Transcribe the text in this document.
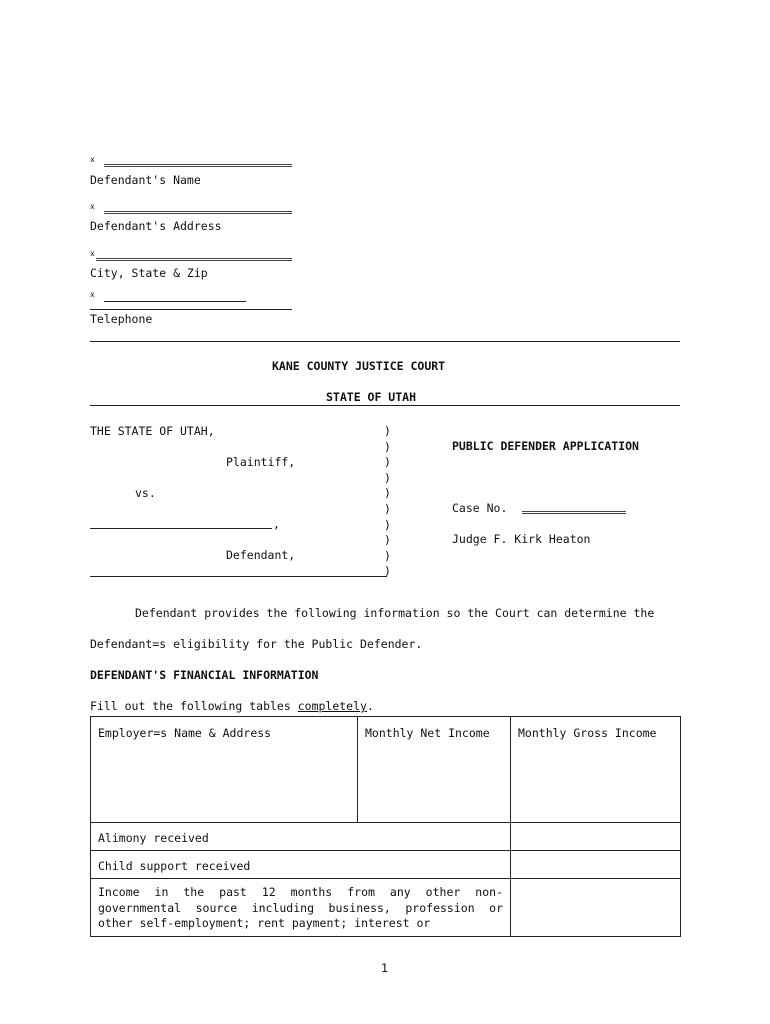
x
Defendant's Name
x
Defendant's Address
x
City, State & Zip
x
Telephone
KANE COUNTY JUSTICE COURT
STATE OF UTAH
THE STATE OF UTAH,
Plaintiff,
vs.
,
Defendant,
)
)
)
)
)
)
)
)
)
)
PUBLIC DEFENDER APPLICATION
Case No.
Judge F. Kirk Heaton
Defendant provides the following information so the Court can determine the
Defendant=s eligibility for the Public Defender.
DEFENDANT'S FINANCIAL INFORMATION
Fill out the following tables completely.
Employer=s Name & Address	Monthly Net Income	Monthly Gross Income
Alimony received		
Child support received		
Income in the past 12 months from any other non-governmental source including business, profession or other self-employment; rent payment; interest or		
1
